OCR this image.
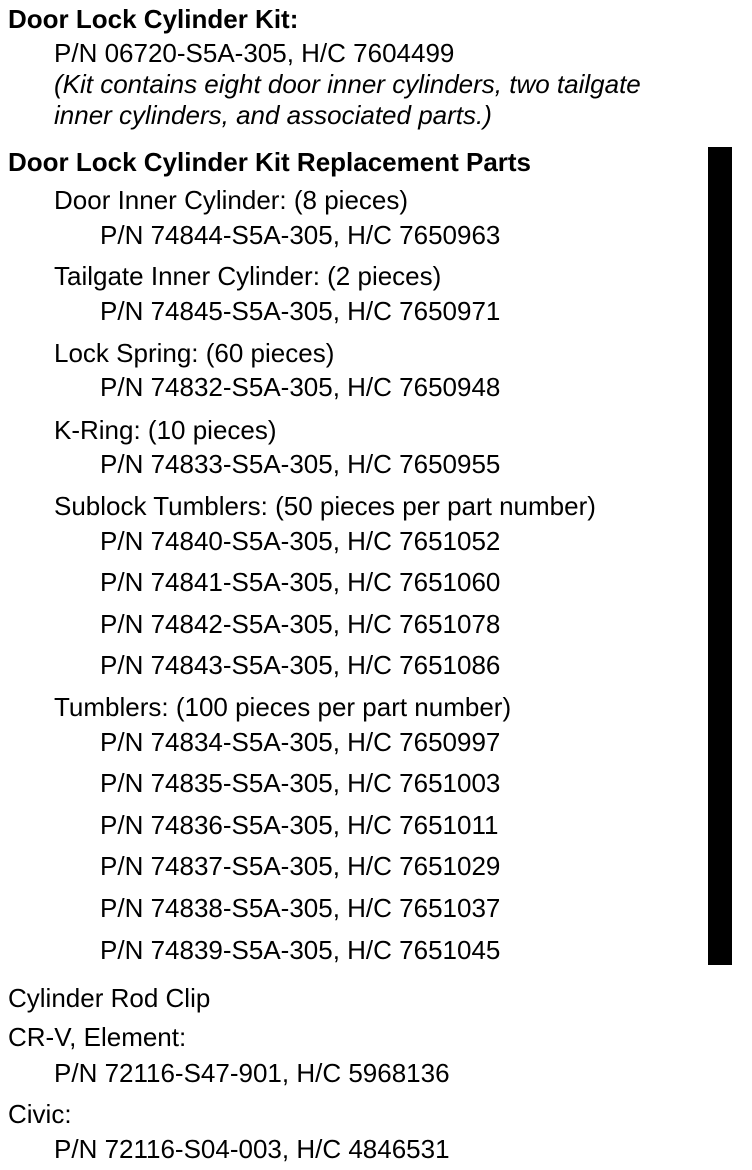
Door Lock Cylinder Kit:
P/N 06720-S5A-305, H/C 7604499
(Kit contains eight door inner cylinders, two tailgate
inner cylinders, and associated parts.)
Door Lock Cylinder Kit Replacement Parts
Door Inner Cylinder: (8 pieces)
P/N 74844-S5A-305, H/C 7650963
Tailgate Inner Cylinder: (2 pieces)
P/N 74845-S5A-305, H/C 7650971
Lock Spring: (60 pieces)
P/N 74832-S5A-305, H/C 7650948
K-Ring: (10 pieces)
P/N 74833-S5A-305, H/C 7650955
Sublock Tumblers: (50 pieces per part number)
P/N 74840-S5A-305, H/C 7651052
P/N 74841-S5A-305, H/C 7651060
P/N 74842-S5A-305, H/C 7651078
P/N 74843-S5A-305, H/C 7651086
Tumblers: (100 pieces per part number)
P/N 74834-S5A-305, H/C 7650997
P/N 74835-S5A-305, H/C 7651003
P/N 74836-S5A-305, H/C 7651011
P/N 74837-S5A-305, H/C 7651029
P/N 74838-S5A-305, H/C 7651037
P/N 74839-S5A-305, H/C 7651045
Cylinder Rod Clip
CR-V, Element:
P/N 72116-S47-901, H/C 5968136
Civic:
P/N 72116-S04-003, H/C 4846531
